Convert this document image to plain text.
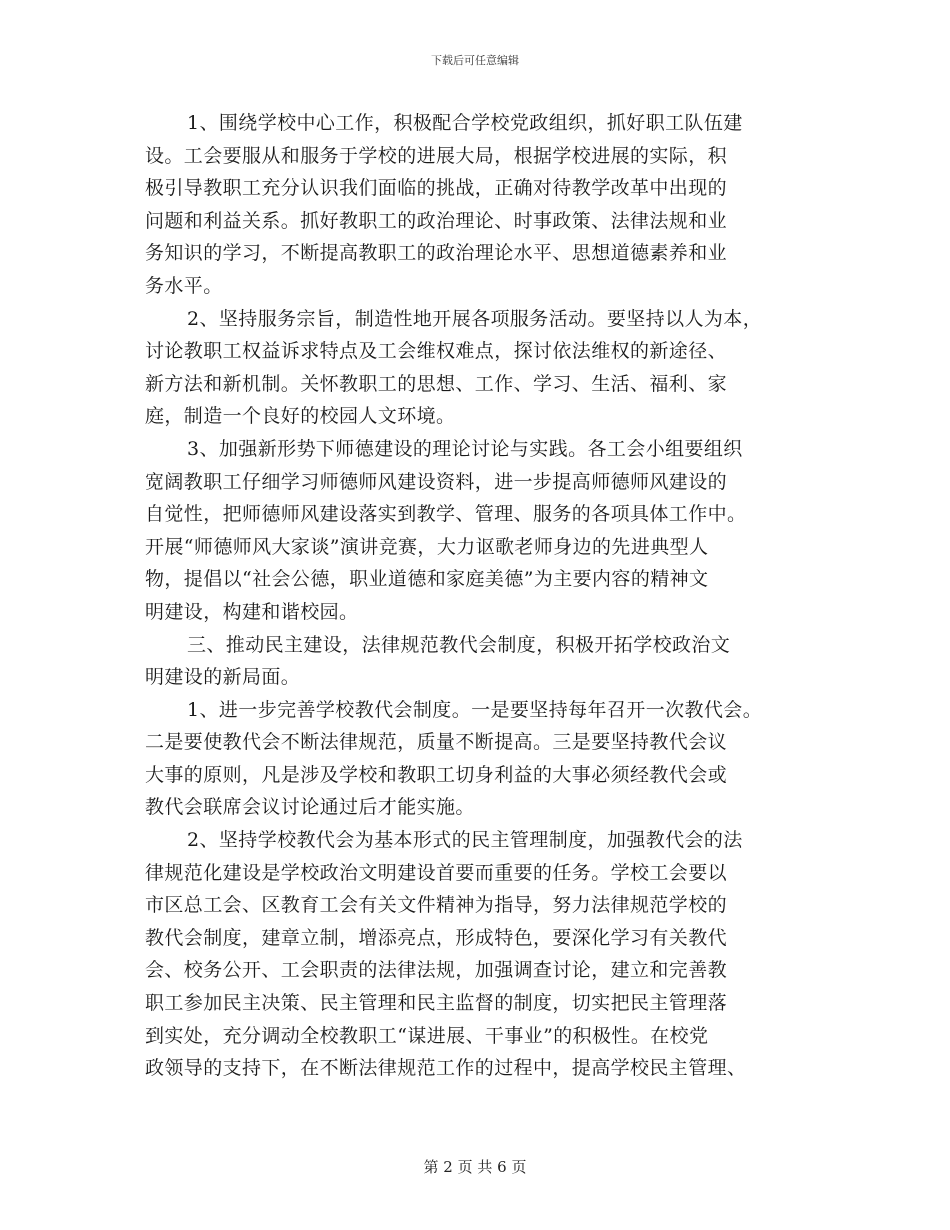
下载后可任意编辑
1、围绕学校中心工作，积极配合学校党政组织，抓好职工队伍建
设。工会要服从和服务于学校的进展大局，根据学校进展的实际，积
极引导教职工充分认识我们面临的挑战，正确对待教学改革中出现的
问题和利益关系。抓好教职工的政治理论、时事政策、法律法规和业
务知识的学习，不断提高教职工的政治理论水平、思想道德素养和业
务水平。
2、坚持服务宗旨，制造性地开展各项服务活动。要坚持以人为本，
讨论教职工权益诉求特点及工会维权难点，探讨依法维权的新途径、
新方法和新机制。关怀教职工的思想、工作、学习、生活、福利、家
庭，制造一个良好的校园人文环境。
3、加强新形势下师德建设的理论讨论与实践。各工会小组要组织
宽阔教职工仔细学习师德师风建设资料，进一步提高师德师风建设的
自觉性，把师德师风建设落实到教学、管理、服务的各项具体工作中。
开展“师德师风大家谈”演讲竞赛，大力讴歌老师身边的先进典型人
物，提倡以“社会公德，职业道德和家庭美德”为主要内容的精神文
明建设，构建和谐校园。
三、推动民主建设，法律规范教代会制度，积极开拓学校政治文
明建设的新局面。
1、进一步完善学校教代会制度。一是要坚持每年召开一次教代会。
二是要使教代会不断法律规范，质量不断提高。三是要坚持教代会议
大事的原则，凡是涉及学校和教职工切身利益的大事必须经教代会或
教代会联席会议讨论通过后才能实施。
2、坚持学校教代会为基本形式的民主管理制度，加强教代会的法
律规范化建设是学校政治文明建设首要而重要的任务。学校工会要以
市区总工会、区教育工会有关文件精神为指导，努力法律规范学校的
教代会制度，建章立制，增添亮点，形成特色，要深化学习有关教代
会、校务公开、工会职责的法律法规，加强调查讨论，建立和完善教
职工参加民主决策、民主管理和民主监督的制度，切实把民主管理落
到实处，充分调动全校教职工“谋进展、干事业”的积极性。在校党
政领导的支持下，在不断法律规范工作的过程中，提高学校民主管理、
第 2 页 共 6 页
